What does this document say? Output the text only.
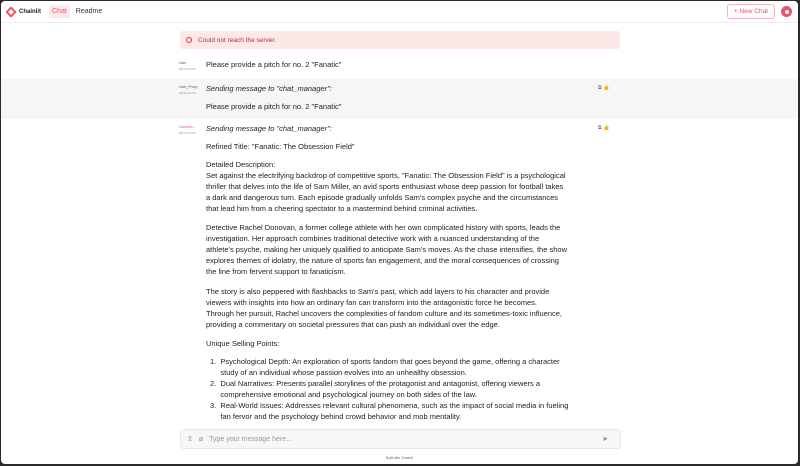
Chainlit	Chat	Readme	+ New Chat
Could not reach the server.
User
08:06:44 PM Please provide a pitch for no. 2 "Fanatic"
User_Proxy
08:06:44 PM Sending message to "chat_manager":
Please provide a pitch for no. 2 "Fanatic"
⧉ 👍
Cinemax...
08:06:44 PM
⧉ 👍
Sending message to "chat_manager":
Refined Title: "Fanatic: The Obsession Field"
Detailed Description:
Set against the electrifying backdrop of competitive sports, "Fanatic: The Obsession Field" is a psychological
thriller that delves into the life of Sam Miller, an avid sports enthusiast whose deep passion for football takes
a dark and dangerous turn. Each episode gradually unfolds Sam's complex psyche and the circumstances
that lead him from a cheering spectator to a mastermind behind criminal activities.
Detective Rachel Donovan, a former college athlete with her own complicated history with sports, leads the
investigation. Her approach combines traditional detective work with a nuanced understanding of the
athlete's psyche, making her uniquely qualified to anticipate Sam's moves. As the chase intensifies, the show
explores themes of idolatry, the nature of sports fan engagement, and the moral consequences of crossing
the line from fervent support to fanaticism.
The story is also peppered with flashbacks to Sam's past, which add layers to his character and provide
viewers with insights into how an ordinary fan can transform into the antagonistic force he becomes.
Through her pursuit, Rachel uncovers the complexities of fandom culture and its sometimes-toxic influence,
providing a commentary on societal pressures that can push an individual over the edge.
Unique Selling Points:
1.  Psychological Depth: An exploration of sports fandom that goes beyond the game, offering a character
study of an individual whose passion evolves into an unhealthy obsession.
2.  Dual Narratives: Presents parallel storylines of the protagonist and antagonist, offering viewers a
comprehensive emotional and psychological journey on both sides of the law.
3.  Real-World Issues: Addresses relevant cultural phenomena, such as the impact of social media in fueling
fan fervor and the psychology behind crowd behavior and mob mentality.
⇬ ⌀ Type your message here...	➤
Built with Chainlit
